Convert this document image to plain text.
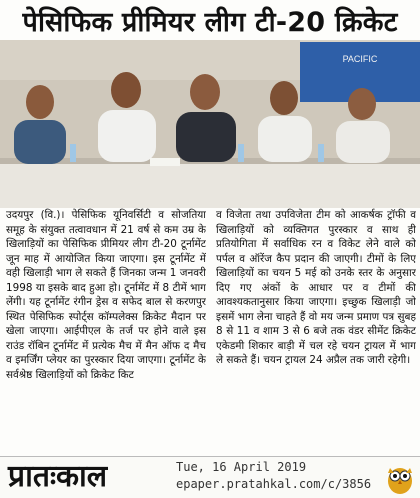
पेसिफिक प्रीमियर लीग टी-20 क्रिकेट
PACIFIC

उदयपुर (वि.)। पेसिफिक यूनिवर्सिटी व सोजतिया समूह के संयुक्त तत्वावधान में 21 वर्ष से कम उम्र के खिलाड़ियों का पेसिफिक प्रीमियर लीग टी-20 टूर्नामेंट जून माह में आयोजित किया जाएगा। इस टूर्नामेंट में वही खिलाड़ी भाग ले सकते हैं जिनका जन्म 1 जनवरी 1998 या इसके बाद हुआ हो। टूर्नामेंट में 8 टीमें भाग लेंगी। यह टूर्नामेंट रंगीन ड्रेस व सफेद बाल से करणपुर स्थित पेसिफिक स्पोर्ट्स कॉम्पलेक्स क्रिकेट मैदान पर खेला जाएगा। आईपीएल के तर्ज पर होने वाले इस राउंड रॉबिन टूर्नामेंट में प्रत्येक मैच में मैन ऑफ द मैच व इमर्जिंग प्लेयर का पुरस्कार दिया जाएगा। टूर्नामेंट के सर्वश्रेष्ठ खिलाड़ियों को क्रिकेट किट

व विजेता तथा उपविजेता टीम को आकर्षक ट्रॉफी व खिलाड़ियों को व्यक्तिगत पुरस्कार व साथ ही प्रतियोगिता में सर्वाधिक रन व विकेट लेने वाले को पर्पल व ऑरेंज कैप प्रदान की जाएगी। टीमों के लिए खिलाड़ियों का चयन 5 मई को उनके स्तर के अनुसार दिए गए अंकों के आधार पर व टीमों की आवश्यकतानुसार किया जाएगा। इच्छुक खिलाड़ी जो इसमें भाग लेना चाहते हैं वो मय जन्म प्रमाण पत्र सुबह 8 से 11 व शाम 3 से 6 बजे तक वंडर सीमेंट क्रिकेट एकेडमी शिकार बाड़ी में चल रहे चयन ट्रायल में भाग ले सकते हैं। चयन ट्रायल 24 अप्रैल तक जारी रहेगी।

प्रातःकाल	Tue, 16 April 2019
epaper.pratahkal.com/c/3856
